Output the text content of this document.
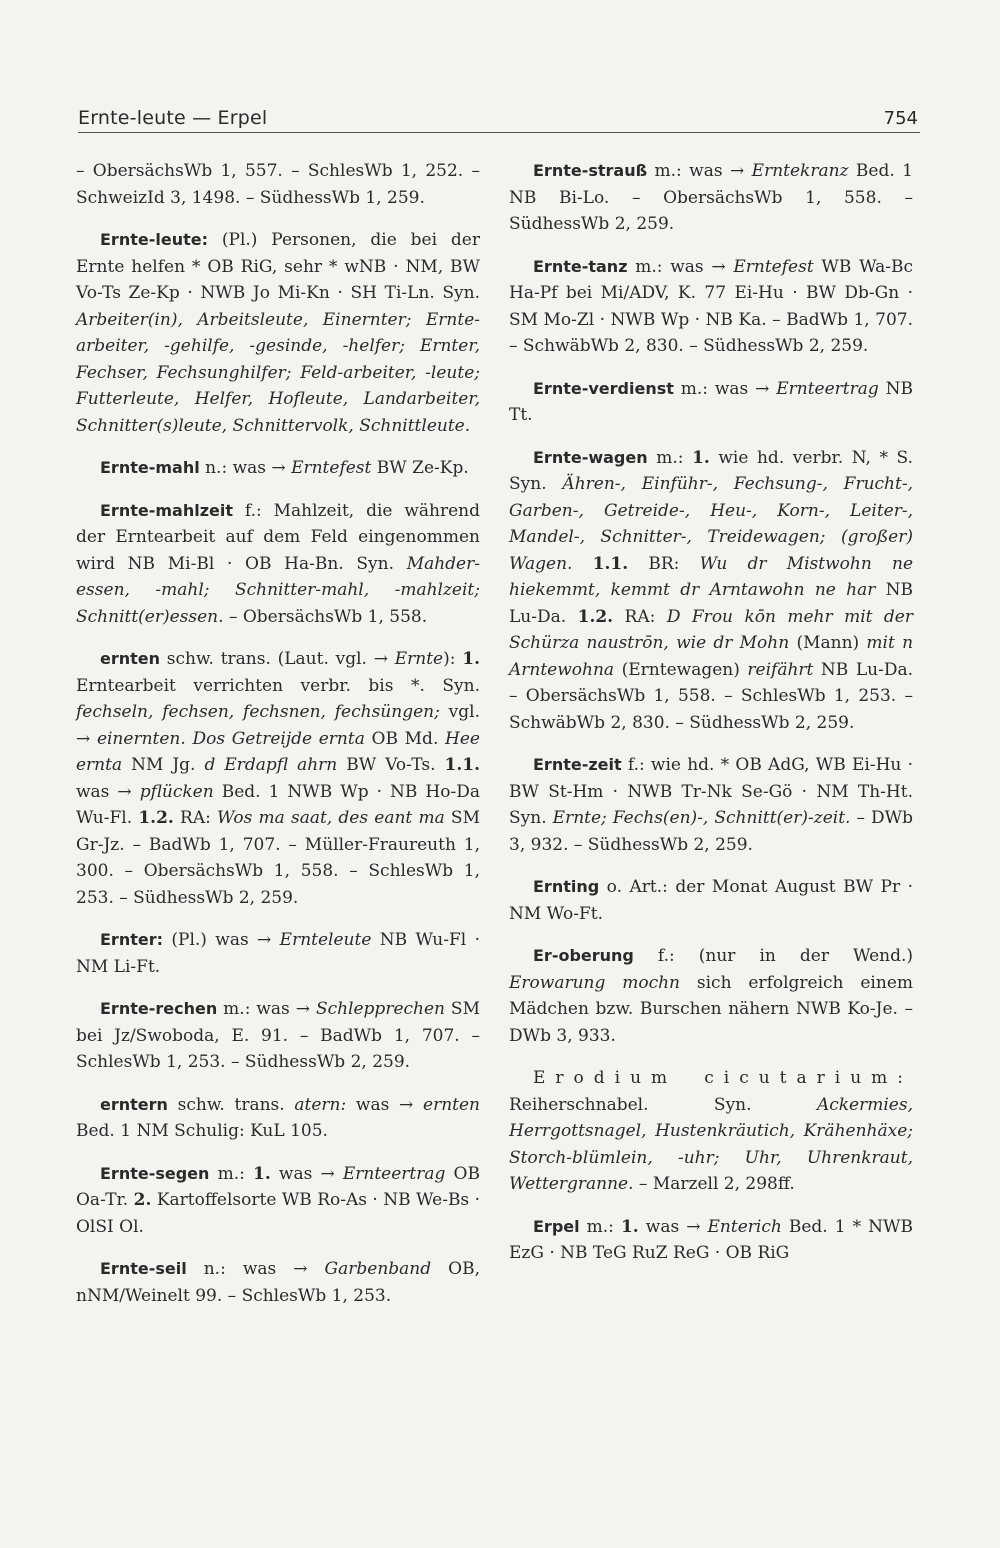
Ernte-leute — Erpel	754

– ObersächsWb 1, 557. – SchlesWb 1, 252. – SchweizId 3, 1498. – SüdhessWb 1, 259.

Ernte-leute: (Pl.) Personen, die bei der Ernte helfen * OB RiG, sehr * wNB · NM, BW Vo-Ts Ze-Kp · NWB Jo Mi-Kn · SH Ti-Ln. Syn. Arbeiter(in), Arbeitsleute, Einernter; Ernte-arbeiter, -gehilfe, -gesinde, -helfer; Ernter, Fechser, Fechsunghilfer; Feld-arbeiter, -leute; Futterleute, Helfer, Hofleute, Landarbeiter, Schnitter(s)leute, Schnittervolk, Schnittleute.

Ernte-mahl n.: was → Erntefest BW Ze-Kp.

Ernte-mahlzeit f.: Mahlzeit, die während der Erntearbeit auf dem Feld eingenommen wird NB Mi-Bl · OB Ha-Bn. Syn. Mahder-essen, -mahl; Schnitter-mahl, -mahlzeit; Schnitt(er)essen. – ObersächsWb 1, 558.

ernten schw. trans. (Laut. vgl. → Ernte): 1. Erntearbeit verrichten verbr. bis *. Syn. fechseln, fechsen, fechsnen, fechsüngen; vgl. → einernten. Dos Getreijde ernta OB Md. Hee ernta NM Jg. d Erdapfl ahrn BW Vo-Ts. 1.1. was → pflücken Bed. 1 NWB Wp · NB Ho-Da Wu-Fl. 1.2. RA: Wos ma saat, des eant ma SM Gr-Jz. – BadWb 1, 707. – Müller-Fraureuth 1, 300. – ObersächsWb 1, 558. – SchlesWb 1, 253. – SüdhessWb 2, 259.

Ernter: (Pl.) was → Ernteleute NB Wu-Fl · NM Li-Ft.

Ernte-rechen m.: was → Schlepprechen SM bei Jz/Swoboda, E. 91. – BadWb 1, 707. – SchlesWb 1, 253. – SüdhessWb 2, 259.

erntern schw. trans. atern: was → ernten Bed. 1 NM Schulig: KuL 105.

Ernte-segen m.: 1. was → Ernteertrag OB Oa-Tr. 2. Kartoffelsorte WB Ro-As · NB We-Bs · OlSI Ol.

Ernte-seil n.: was → Garbenband OB, nNM/Weinelt 99. – SchlesWb 1, 253.

Ernte-strauß m.: was → Erntekranz Bed. 1 NB Bi-Lo. – ObersächsWb 1, 558. – SüdhessWb 2, 259.

Ernte-tanz m.: was → Erntefest WB Wa-Bc Ha-Pf bei Mi/ADV, K. 77 Ei-Hu · BW Db-Gn · SM Mo-Zl · NWB Wp · NB Ka. – BadWb 1, 707. – SchwäbWb 2, 830. – SüdhessWb 2, 259.

Ernte-verdienst m.: was → Ernteertrag NB Tt.

Ernte-wagen m.: 1. wie hd. verbr. N, * S. Syn. Ähren-, Einführ-, Fechsung-, Frucht-, Garben-, Getreide-, Heu-, Korn-, Leiter-, Mandel-, Schnitter-, Treidewagen; (großer) Wagen. 1.1. BR: Wu dr Mistwohn ne hiekemmt, kemmt dr Arntawohn ne har NB Lu-Da. 1.2. RA: D Frou kōn mehr mit der Schürza naustrōn, wie dr Mohn (Mann) mit n Arntewohna (Erntewagen) reifährt NB Lu-Da. – ObersächsWb 1, 558. – SchlesWb 1, 253. – SchwäbWb 2, 830. – SüdhessWb 2, 259.

Ernte-zeit f.: wie hd. * OB AdG, WB Ei-Hu · BW St-Hm · NWB Tr-Nk Se-Gö · NM Th-Ht. Syn. Ernte; Fechs(en)-, Schnitt(er)-zeit. – DWb 3, 932. – SüdhessWb 2, 259.

Ernting o. Art.: der Monat August BW Pr · NM Wo-Ft.

Er-oberung f.: (nur in der Wend.) Erowarung mochn sich erfolgreich einem Mädchen bzw. Burschen nähern NWB Ko-Je. – DWb 3, 933.

Erodium cicutarium: Reiherschnabel. Syn. Ackermies, Herrgottsnagel, Hustenkräutich, Krähenhäxe; Storch-blümlein, -uhr; Uhr, Uhrenkraut, Wettergranne. – Marzell 2, 298ff.

Erpel m.: 1. was → Enterich Bed. 1 * NWB EzG · NB TeG RuZ ReG · OB RiG
